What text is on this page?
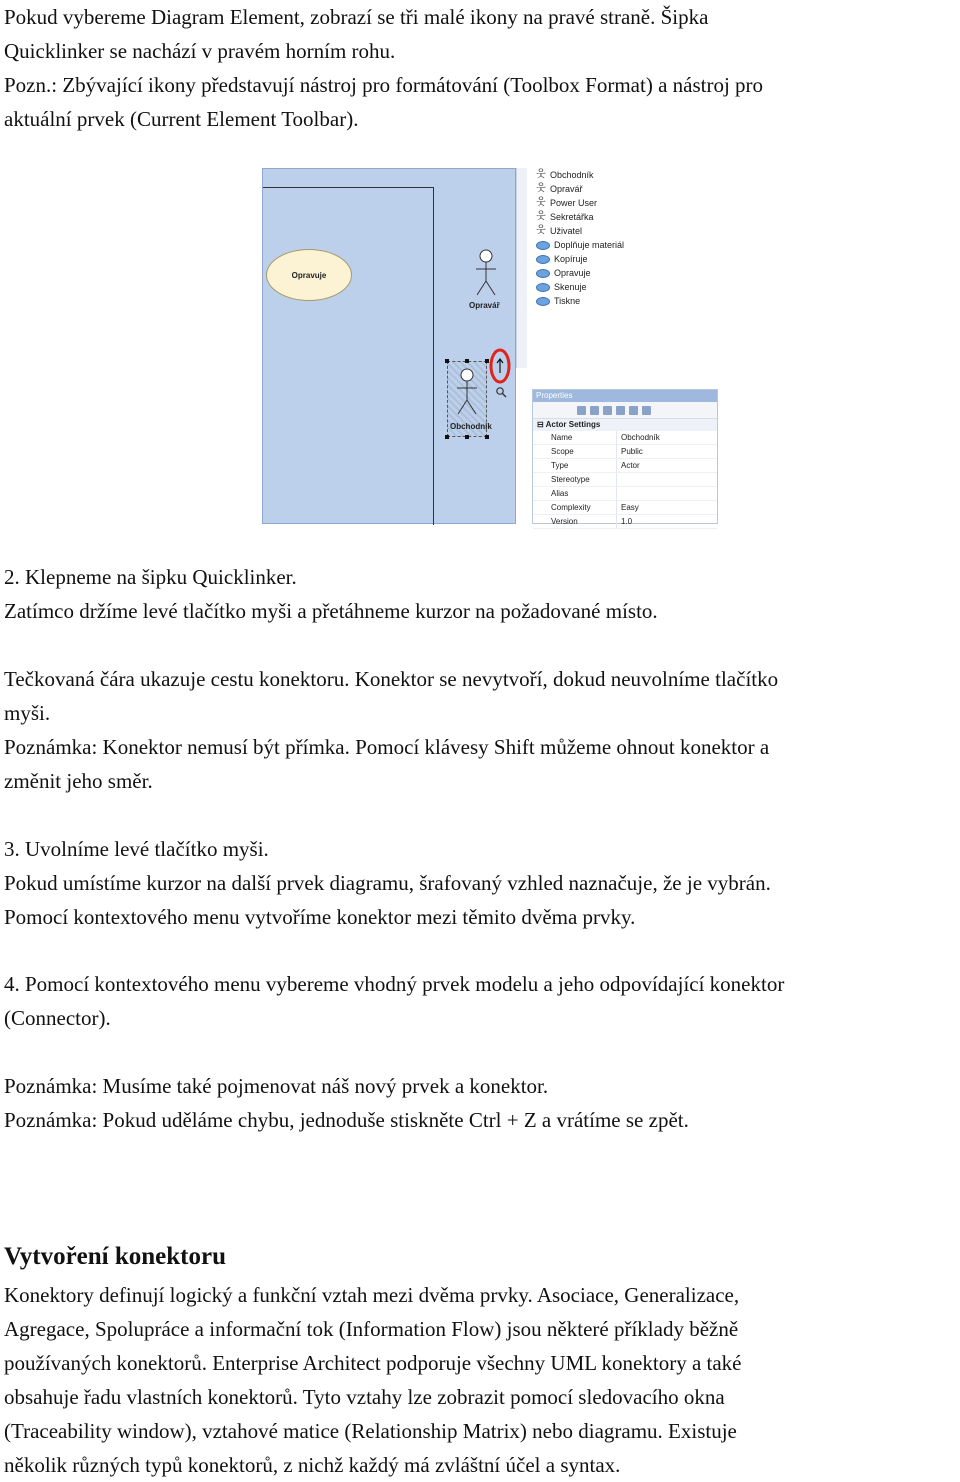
Pokud vybereme Diagram Element, zobrazí se tři malé ikony na pravé straně. Šipka
Quicklinker se nachází v pravém horním rohu.
Pozn.: Zbývající ikony představují nástroj pro formátování (Toolbox Format) a nástroj pro
aktuální prvek (Current Element Toolbar).
Opravuje
Opravář
Obchodník
웃 Obchodník
웃 Opravář
웃 Power User
웃 Sekretářka
웃 Uživatel
Doplňuje materiál
Kopíruje
Opravuje
Skenuje
Tiskne
Properties
⊟ Actor Settings
Name	Obchodník
Scope	Public
Type	Actor
Stereotype
Alias
Complexity	Easy
Version	1.0
2. Klepneme na šipku Quicklinker.
Zatímco držíme levé tlačítko myši a přetáhneme kurzor na požadované místo.
Tečkovaná čára ukazuje cestu konektoru. Konektor se nevytvoří, dokud neuvolníme tlačítko
myši.
Poznámka: Konektor nemusí být přímka. Pomocí klávesy Shift můžeme ohnout konektor a
změnit jeho směr.
3. Uvolníme levé tlačítko myši.
Pokud umístíme kurzor na další prvek diagramu, šrafovaný vzhled naznačuje, že je vybrán.
Pomocí kontextového menu vytvoříme konektor mezi těmito dvěma prvky.
4. Pomocí kontextového menu vybereme vhodný prvek modelu a jeho odpovídající konektor
(Connector).
Poznámka: Musíme také pojmenovat náš nový prvek a konektor.
Poznámka: Pokud uděláme chybu, jednoduše stiskněte Ctrl + Z a vrátíme se zpět.
Vytvoření konektoru
Konektory definují logický a funkční vztah mezi dvěma prvky. Asociace, Generalizace,
Agregace, Spolupráce a informační tok (Information Flow) jsou některé příklady běžně
používaných konektorů. Enterprise Architect podporuje všechny UML konektory a také
obsahuje řadu vlastních konektorů. Tyto vztahy lze zobrazit pomocí sledovacího okna
(Traceability window), vztahové matice (Relationship Matrix) nebo diagramu. Existuje
několik různých typů konektorů, z nichž každý má zvláštní účel a syntax.
